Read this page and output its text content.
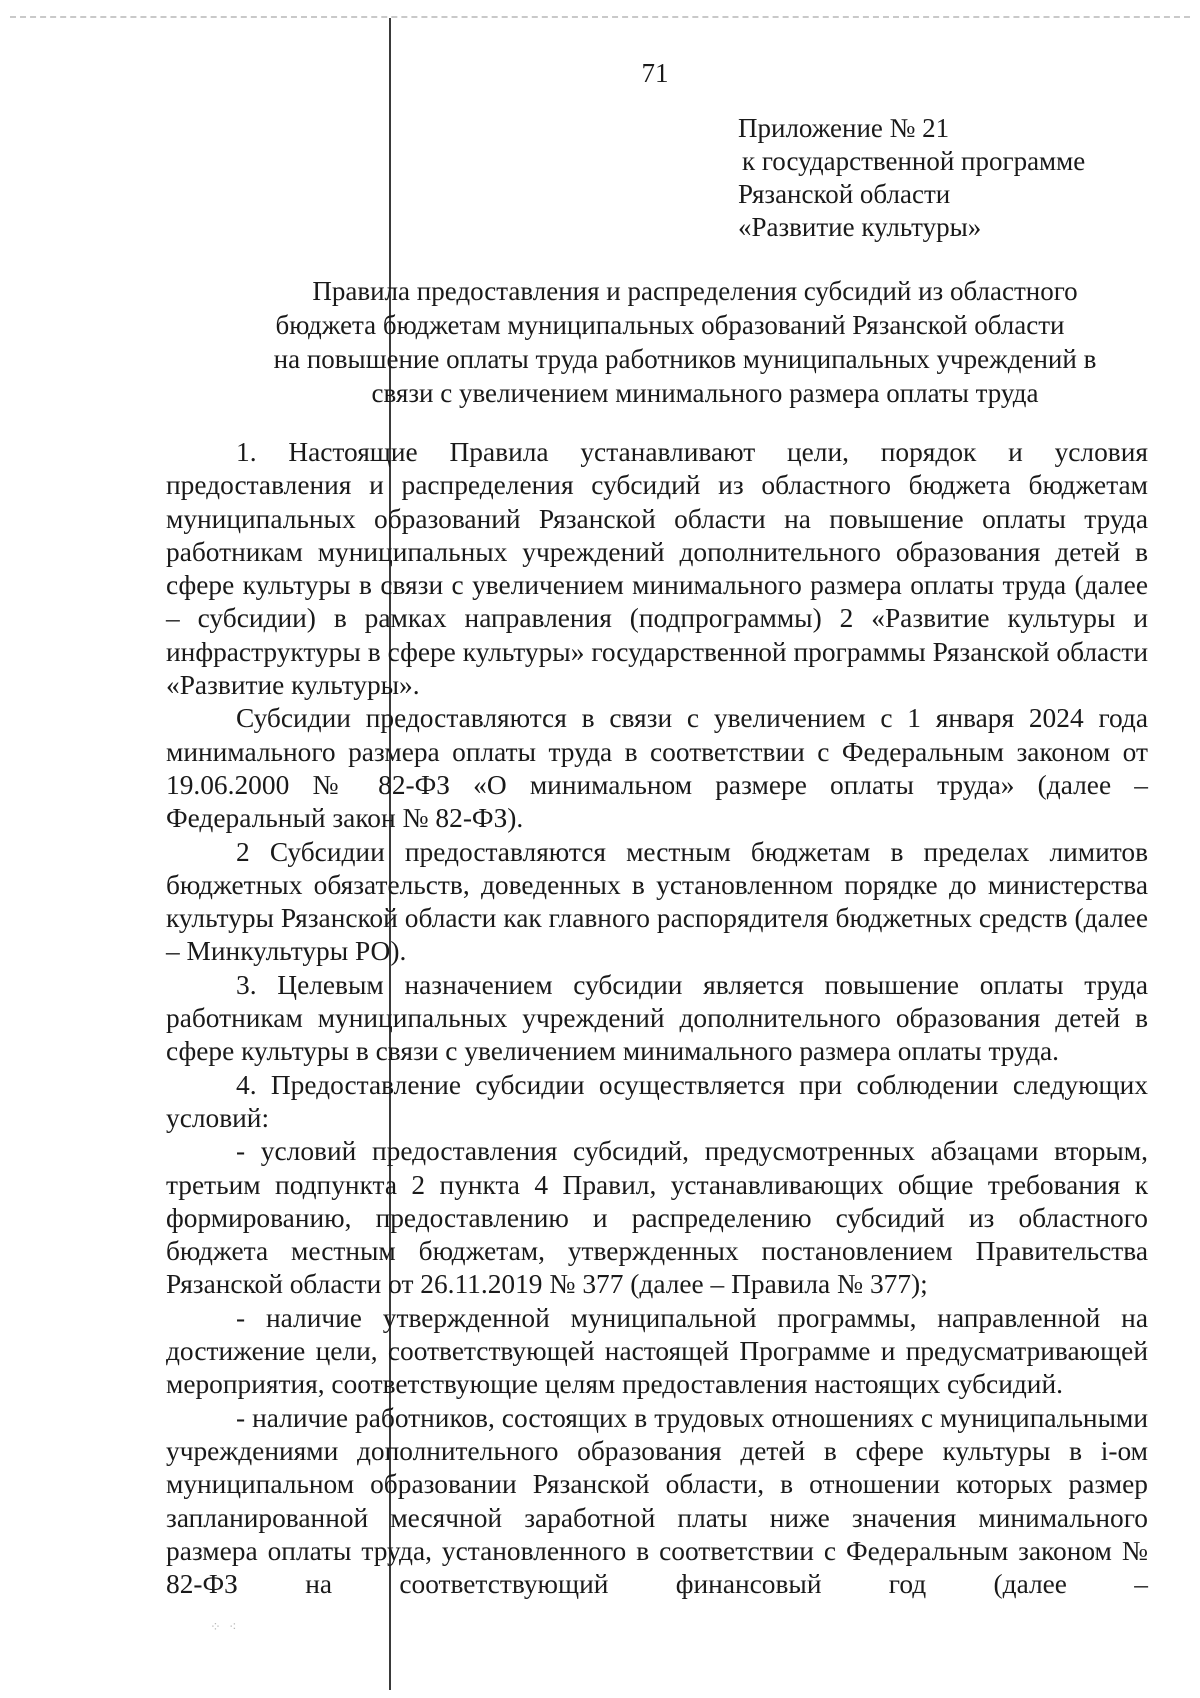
71
Приложение № 21
к государственной программе
Рязанской области
«Развитие культуры»
Правила предоставления и распределения субсидий из областного
бюджета бюджетам муниципальных образований Рязанской области
на повышение оплаты труда работников муниципальных учреждений в
связи с увеличением минимального размера оплаты труда

1. Настоящие Правила устанавливают цели, порядок и условия предоставления и распределения субсидий из областного бюджета бюджетам муниципальных образований Рязанской области на повышение оплаты труда работникам муниципальных учреждений дополнительного образования детей в сфере культуры в связи с увеличением минимального размера оплаты труда (далее – субсидии) в рамках направления (подпрограммы) 2 «Развитие культуры и инфраструктуры в сфере культуры» государственной программы Рязанской области «Развитие культуры».

Субсидии предоставляются в связи с увеличением с 1 января 2024 года минимального размера оплаты труда в соответствии с Федеральным законом от 19.06.2000 № 82-ФЗ «О минимальном размере оплаты труда» (далее – Федеральный закон № 82-ФЗ).

2 Субсидии предоставляются местным бюджетам в пределах лимитов бюджетных обязательств, доведенных в установленном порядке до министерства культуры Рязанской области как главного распорядителя бюджетных средств (далее – Минкультуры РО).

3. Целевым назначением субсидии является повышение оплаты труда работникам муниципальных учреждений дополнительного образования детей в сфере культуры в связи с увеличением минимального размера оплаты труда.

4. Предоставление субсидии осуществляется при соблюдении следующих условий:

- условий предоставления субсидий, предусмотренных абзацами вторым, третьим подпункта 2 пункта 4 Правил, устанавливающих общие требования к формированию, предоставлению и распределению субсидий из областного бюджета местным бюджетам, утвержденных постановлением Правительства Рязанской области от 26.11.2019 № 377 (далее – Правила № 377);

- наличие утвержденной муниципальной программы, направленной на достижение цели, соответствующей настоящей Программе и предусматривающей мероприятия, соответствующие целям предоставления настоящих субсидий.

- наличие работников, состоящих в трудовых отношениях с муниципальными учреждениями дополнительного образования детей в сфере культуры в i-ом муниципальном образовании Рязанской области, в отношении которых размер запланированной месячной заработной платы ниже значения минимального размера оплаты труда, установленного в соответствии с Федеральным законом № 82-ФЗ на соответствующий финансовый год (далее –

⁘ ⁖
